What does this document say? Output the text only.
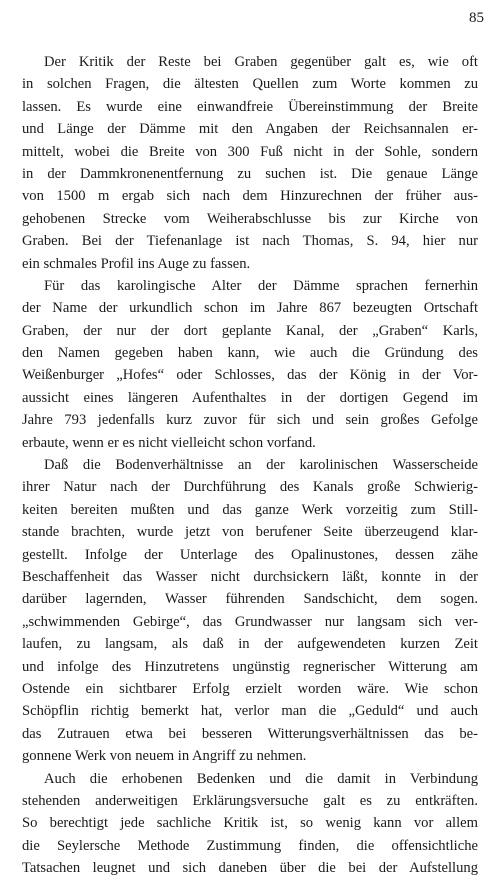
85
Der Kritik der Reste bei Graben gegenüber galt es, wie oft
in solchen Fragen, die ältesten Quellen zum Worte kommen zu
lassen. Es wurde eine einwandfreie Übereinstimmung der Breite
und Länge der Dämme mit den Angaben der Reichsannalen er-
mittelt, wobei die Breite von 300 Fuß nicht in der Sohle, sondern
in der Dammkronenentfernung zu suchen ist. Die genaue Länge
von 1500 m ergab sich nach dem Hinzurechnen der früher aus-
gehobenen Strecke vom Weiherabschlusse bis zur Kirche von
Graben. Bei der Tiefenanlage ist nach Thomas, S. 94, hier nur
ein schmales Profil ins Auge zu fassen.
Für das karolingische Alter der Dämme sprachen fernerhin
der Name der urkundlich schon im Jahre 867 bezeugten Ortschaft
Graben, der nur der dort geplante Kanal, der „Graben“ Karls,
den Namen gegeben haben kann, wie auch die Gründung des
Weißenburger „Hofes“ oder Schlosses, das der König in der Vor-
aussicht eines längeren Aufenthaltes in der dortigen Gegend im
Jahre 793 jedenfalls kurz zuvor für sich und sein großes Gefolge
erbaute, wenn er es nicht vielleicht schon vorfand.
Daß die Bodenverhältnisse an der karolinischen Wasserscheide
ihrer Natur nach der Durchführung des Kanals große Schwierig-
keiten bereiten mußten und das ganze Werk vorzeitig zum Still-
stande brachten, wurde jetzt von berufener Seite überzeugend klar-
gestellt. Infolge der Unterlage des Opalinustones, dessen zähe
Beschaffenheit das Wasser nicht durchsickern läßt, konnte in der
darüber lagernden, Wasser führenden Sandschicht, dem sogen.
„schwimmenden Gebirge“, das Grundwasser nur langsam sich ver-
laufen, zu langsam, als daß in der aufgewendeten kurzen Zeit
und infolge des Hinzutretens ungünstig regnerischer Witterung am
Ostende ein sichtbarer Erfolg erzielt worden wäre. Wie schon
Schöpflin richtig bemerkt hat, verlor man die „Geduld“ und auch
das Zutrauen etwa bei besseren Witterungsverhältnissen das be-
gonnene Werk von neuem in Angriff zu nehmen.
Auch die erhobenen Bedenken und die damit in Verbindung
stehenden anderweitigen Erklärungsversuche galt es zu entkräften.
So berechtigt jede sachliche Kritik ist, so wenig kann vor allem
die Seylersche Methode Zustimmung finden, die offensichtliche
Tatsachen leugnet und sich daneben über die bei der Aufstellung
